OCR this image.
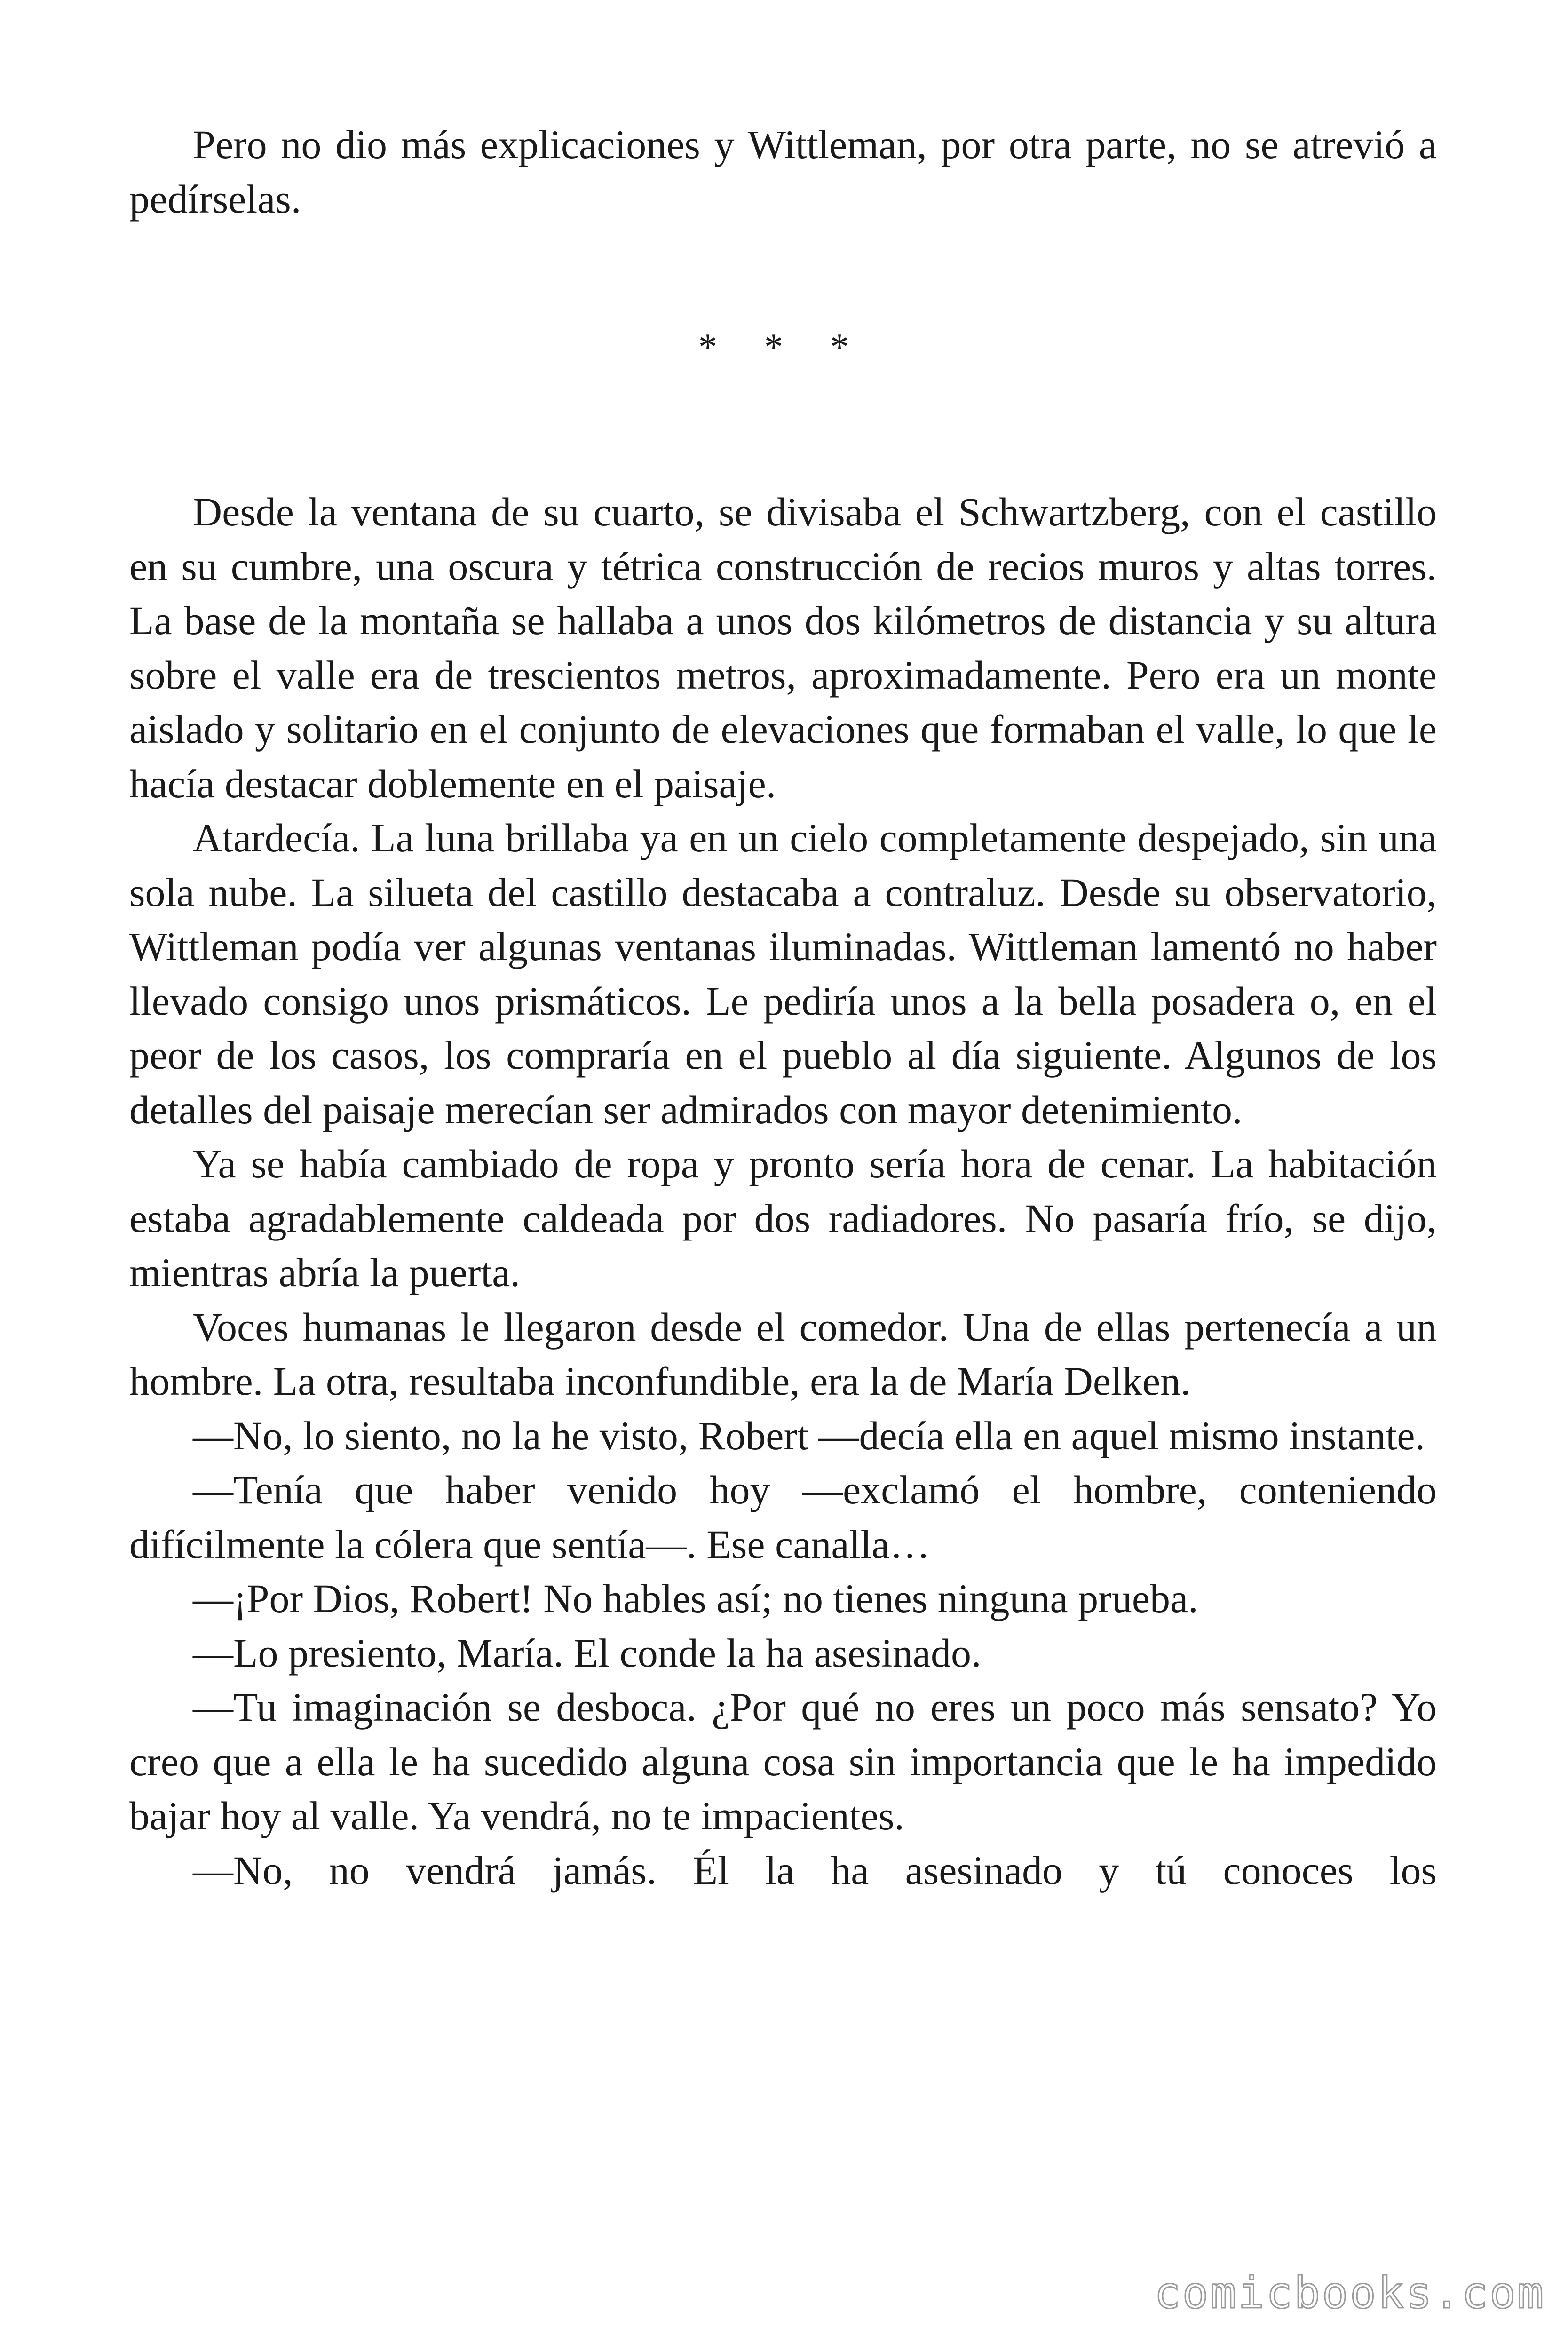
Pero no dio más explicaciones y Wittleman, por otra parte, no se atrevió a pedírselas.

* * *

Desde la ventana de su cuarto, se divisaba el Schwartzberg, con el castillo en su cumbre, una oscura y tétrica construcción de recios muros y altas torres. La base de la montaña se hallaba a unos dos kilómetros de distancia y su altura sobre el valle era de trescientos metros, aproximadamente. Pero era un monte aislado y solitario en el conjunto de elevaciones que formaban el valle, lo que le hacía destacar doblemente en el paisaje.

Atardecía. La luna brillaba ya en un cielo completamente despejado, sin una sola nube. La silueta del castillo destacaba a contraluz. Desde su observatorio, Wittleman podía ver algunas ventanas iluminadas. Wittleman lamentó no haber llevado consigo unos prismáticos. Le pediría unos a la bella posadera o, en el peor de los casos, los compraría en el pueblo al día siguiente. Algunos de los detalles del paisaje merecían ser admirados con mayor detenimiento.

Ya se había cambiado de ropa y pronto sería hora de cenar. La habitación estaba agradablemente caldeada por dos radiadores. No pasaría frío, se dijo, mientras abría la puerta.

Voces humanas le llegaron desde el comedor. Una de ellas pertenecía a un hombre. La otra, resultaba inconfundible, era la de María Delken.

—No, lo siento, no la he visto, Robert —decía ella en aquel mismo instante.

—Tenía que haber venido hoy —exclamó el hombre, conteniendo difícilmente la cólera que sentía—. Ese canalla…

—¡Por Dios, Robert! No hables así; no tienes ninguna prueba.

—Lo presiento, María. El conde la ha asesinado.

—Tu imaginación se desboca. ¿Por qué no eres un poco más sensato? Yo creo que a ella le ha sucedido alguna cosa sin importancia que le ha impedido bajar hoy al valle. Ya vendrá, no te impacientes.

—No, no vendrá jamás. Él la ha asesinado y tú conoces los

comicbooks.com
